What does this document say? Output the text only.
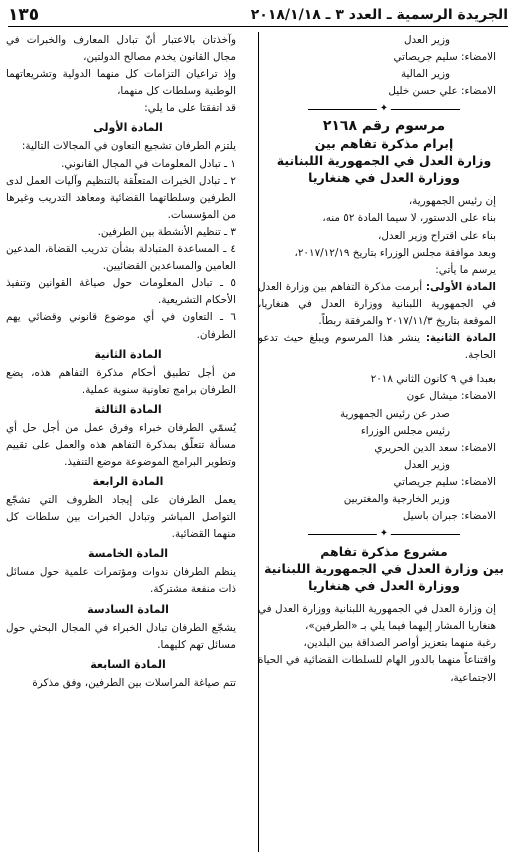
الجريدة الرسمية ـ العدد ٣ ـ ٢٠١٨/١/١٨
١٣٥

وزير العدل

الامضاء: سليم جريصاتي

وزير المالية

الامضاء: علي حسن خليل

✦

مرسوم رقم ٢١٦٨

إبرام مذكرة تفاهم بين

وزارة العدل في الجمهورية اللبنانية

ووزارة العدل في هنغاريا

إن رئيس الجمهورية،

بناء على الدستور، لا سيما المادة ٥٢ منه،

بناء على اقتراح وزير العدل،

وبعد موافقة مجلس الوزراء بتاريخ ٢٠١٧/١٢/١٩،

يرسم ما يأتي:

المادة الأولى: أبرمت مذكرة التفاهم بين وزارة العدل في الجمهورية اللبنانية ووزارة العدل في هنغاريا، الموقعة بتاريخ ٢٠١٧/١١/٣ والمرفقة ربطاً.

المادة الثانية: ينشر هذا المرسوم ويبلغ حيث تدعو الحاجة.

بعبدا في ٩ كانون الثاني ٢٠١٨

الامضاء: ميشال عون

صدر عن رئيس الجمهورية

رئيس مجلس الوزراء

الامضاء: سعد الدين الحريري

وزير العدل

الامضاء: سليم جريصاتي

وزير الخارجية والمغتربين

الامضاء: جبران باسيل

✦

مشروع مذكرة تفاهم

بين وزارة العدل في الجمهورية اللبنانية

ووزارة العدل في هنغاريا

إن وزارة العدل في الجمهورية اللبنانية ووزارة العدل في هنغاريا المشار إليهما فيما يلي بـ «الطرفين»،

رغبة منهما بتعزيز أواصر الصداقة بين البلدين،

واقتناعاً منهما بالدور الهام للسلطات القضائية في الحياة الاجتماعية،

وآخذتان بالاعتبار أنّ تبادل المعارف والخبرات في مجال القانون يخدم مصالح الدولتين،

وإذ تراعيان التزامات كل منهما الدولية وتشريعاتهما الوطنية وسلطات كل منهما،

قد اتفقتا على ما يلي:

المادة الأولى

يلتزم الطرفان تشجيع التعاون في المجالات التالية:

١ ـ تبادل المعلومات في المجال القانوني.

٢ ـ تبادل الخبرات المتعلّقة بالتنظيم وآليات العمل لدى الطرفين وسلطاتهما القضائية ومعاهد التدريب وغيرها من المؤسسات.

٣ ـ تنظيم الأنشطة بين الطرفين.

٤ ـ المساعدة المتبادلة بشأن تدريب القضاة، المدعين العامين والمساعدين القضائيين.

٥ ـ تبادل المعلومات حول صياغة القوانين وتنفيذ الأحكام التشريعية.

٦ ـ التعاون في أي موضوع قانوني وقضائي يهم الطرفان.

المادة الثانية

من أجل تطبيق أحكام مذكرة التفاهم هذه، يضع الطرفان برامج تعاونية سنوية عملية.

المادة الثالثة

يُسمّي الطرفان خبراء وفرق عمل من أجل حل أي مسألة تتعلّق بمذكرة التفاهم هذه والعمل على تقييم وتطوير البرامج الموضوعة موضع التنفيذ.

المادة الرابعة

يعمل الطرفان على إيجاد الظروف التي تشجّع التواصل المباشر وتبادل الخبرات بين سلطات كل منهما القضائية.

المادة الخامسة

ينظم الطرفان ندوات ومؤتمرات علمية حول مسائل ذات منفعة مشتركة.

المادة السادسة

يشجّع الطرفان تبادل الخبراء في المجال البحثي حول مسائل تهم كليهما.

المادة السابعة

تتم صياغة المراسلات بين الطرفين، وفق مذكرة
